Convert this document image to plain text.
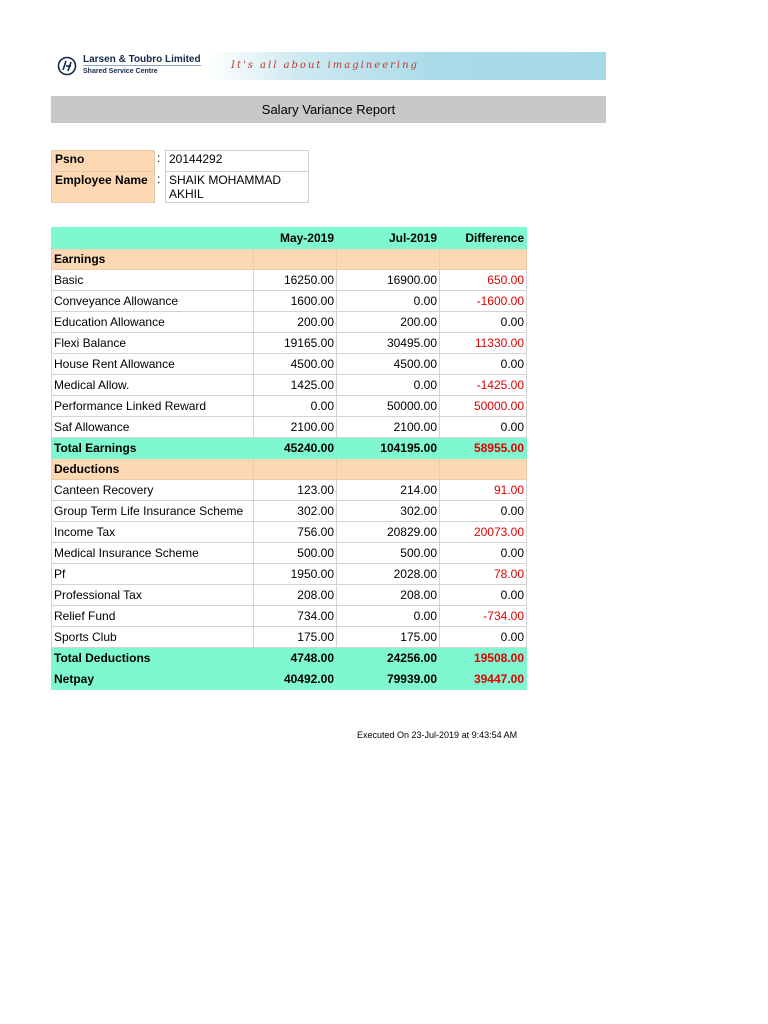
Larsen & Toubro Limited
Shared Service Centre
It's all about imagineering
Salary Variance Report
Psno	:	20144292
Employee Name	:	SHAIK MOHAMMAD AKHIL
	May-2019	Jul-2019	Difference
Earnings			
Basic	16250.00	16900.00	650.00
Conveyance Allowance	1600.00	0.00	-1600.00
Education Allowance	200.00	200.00	0.00
Flexi Balance	19165.00	30495.00	11330.00
House Rent Allowance	4500.00	4500.00	0.00
Medical Allow.	1425.00	0.00	-1425.00
Performance Linked Reward	0.00	50000.00	50000.00
Saf Allowance	2100.00	2100.00	0.00
Total Earnings	45240.00	104195.00	58955.00
Deductions			
Canteen Recovery	123.00	214.00	91.00
Group Term Life Insurance Scheme	302.00	302.00	0.00
Income Tax	756.00	20829.00	20073.00
Medical Insurance Scheme	500.00	500.00	0.00
Pf	1950.00	2028.00	78.00
Professional Tax	208.00	208.00	0.00
Relief Fund	734.00	0.00	-734.00
Sports Club	175.00	175.00	0.00
Total Deductions	4748.00	24256.00	19508.00
Netpay	40492.00	79939.00	39447.00
Executed On 23-Jul-2019 at 9:43:54 AM
